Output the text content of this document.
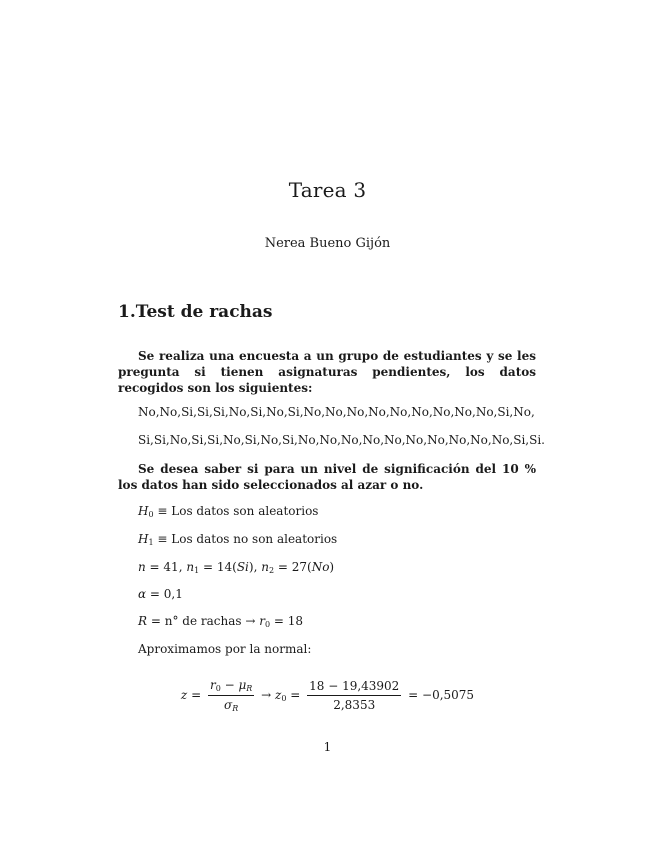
Tarea 3
Nerea Bueno Gijón
1.Test de rachas
Se realiza una encuesta a un grupo de estudiantes y se les pregunta si tienen asignaturas pendientes, los datos recogidos son los siguientes:
No,No,Si,Si,Si,No,Si,No,Si,No,No,No,No,No,No,No,No,No,Si,No,
Si,Si,No,Si,Si,No,Si,No,Si,No,No,No,No,No,No,No,No,No,No,Si,Si.
Se desea saber si para un nivel de significación del 10 % los datos han sido seleccionados al azar o no.
$H_0$ ≡ Los datos son aleatorios
$H_1$ ≡ Los datos no son aleatorios
n = 41, $n_1 = 14(Si)$, $n_2 = 27(No)$
α = 0,1
R = n° de rachas → $r_0 = 18$
Aproximamos por la normal:
$z = \frac{r_0 - \mu_R}{\sigma_R} \to z_0 = \frac{18 - 19,43902}{2,8353} = -0,5075$
1
